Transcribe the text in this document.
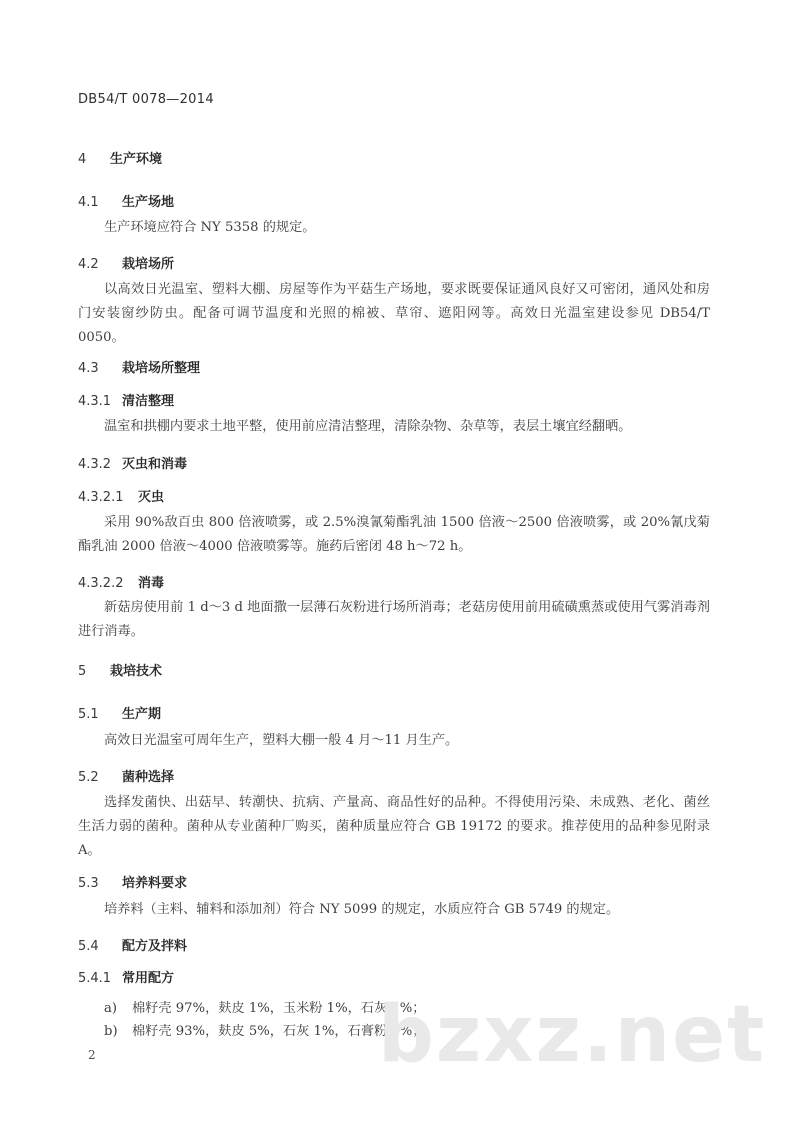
DB54/T 0078—2014
4 生产环境
4.1 生产场地

生产环境应符合 NY 5358 的规定。

4.2 栽培场所

以高效日光温室、塑料大棚、房屋等作为平菇生产场地，要求既要保证通风良好又可密闭，通风处和房门安装窗纱防虫。配备可调节温度和光照的棉被、草帘、遮阳网等。高效日光温室建设参见 DB54/T 0050。

4.3 栽培场所整理
4.3.1 清洁整理

温室和拱棚内要求土地平整，使用前应清洁整理，清除杂物、杂草等，表层土壤宜经翻晒。

4.3.2 灭虫和消毒
4.3.2.1 灭虫

采用 90%敌百虫 800 倍液喷雾，或 2.5%溴氰菊酯乳油 1500 倍液～2500 倍液喷雾，或 20%氰戊菊酯乳油 2000 倍液～4000 倍液喷雾等。施药后密闭 48 h～72 h。

4.3.2.2 消毒

新菇房使用前 1 d～3 d 地面撒一层薄石灰粉进行场所消毒；老菇房使用前用硫磺熏蒸或使用气雾消毒剂进行消毒。

5 栽培技术
5.1 生产期

高效日光温室可周年生产，塑料大棚一般 4 月～11 月生产。

5.2 菌种选择

选择发菌快、出菇早、转潮快、抗病、产量高、商品性好的品种。不得使用污染、未成熟、老化、菌丝生活力弱的菌种。菌种从专业菌种厂购买，菌种质量应符合 GB 19172 的要求。推荐使用的品种参见附录 A。

5.3 培养料要求

培养料（主料、辅料和添加剂）符合 NY 5099 的规定，水质应符合 GB 5749 的规定。

5.4 配方及拌料
5.4.1 常用配方
a) 棉籽壳 97%，麸皮 1%，玉米粉 1%，石灰 1%；
b) 棉籽壳 93%，麸皮 5%，石灰 1%，石膏粉 1%；
bzxz.net
2
